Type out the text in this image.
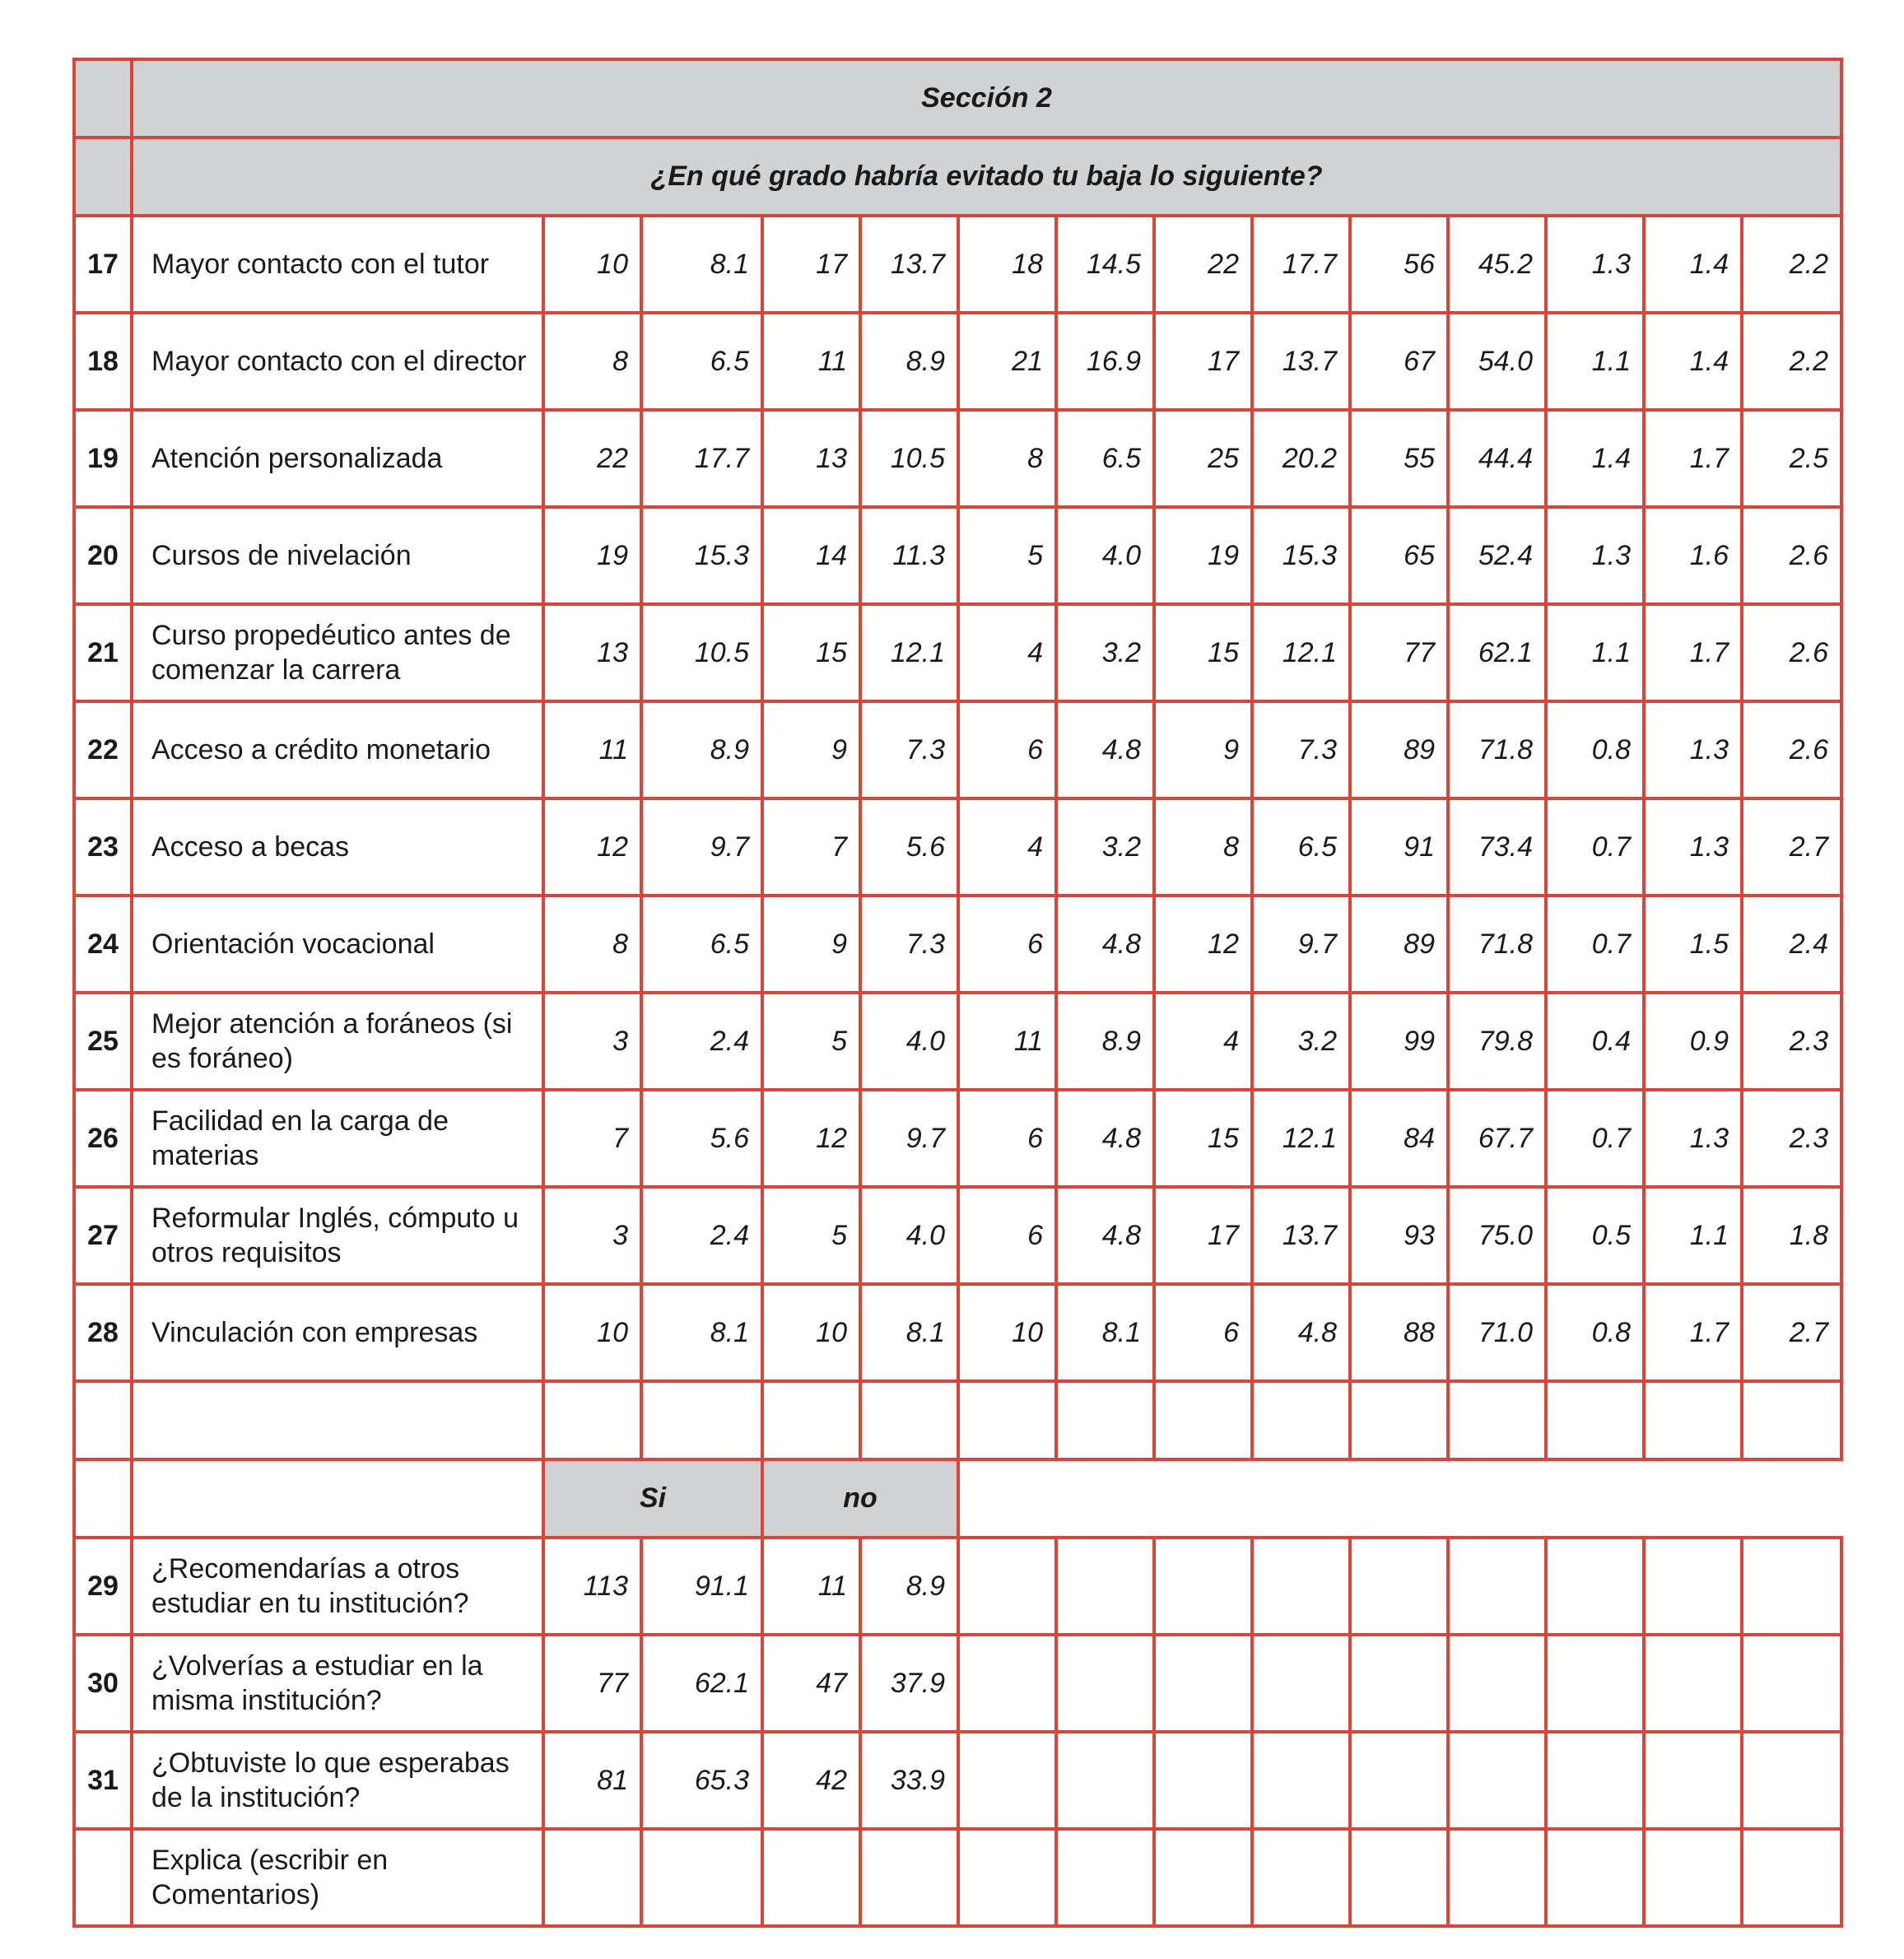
	Sección 2													
	¿En qué grado habría evitado tu baja lo siguiente?													
17	Mayor contacto con el tutor	10	8.1	17	13.7	18	14.5	22	17.7	56	45.2	1.3	1.4	2.2
18	Mayor contacto con el director	8	6.5	11	8.9	21	16.9	17	13.7	67	54.0	1.1	1.4	2.2
19	Atención personalizada	22	17.7	13	10.5	8	6.5	25	20.2	55	44.4	1.4	1.7	2.5
20	Cursos de nivelación	19	15.3	14	11.3	5	4.0	19	15.3	65	52.4	1.3	1.6	2.6
21	Curso propedéutico antes de comenzar la carrera	13	10.5	15	12.1	4	3.2	15	12.1	77	62.1	1.1	1.7	2.6
22	Acceso a crédito monetario	11	8.9	9	7.3	6	4.8	9	7.3	89	71.8	0.8	1.3	2.6
23	Acceso a becas	12	9.7	7	5.6	4	3.2	8	6.5	91	73.4	0.7	1.3	2.7
24	Orientación vocacional	8	6.5	9	7.3	6	4.8	12	9.7	89	71.8	0.7	1.5	2.4
25	Mejor atención a foráneos (si es foráneo)	3	2.4	5	4.0	11	8.9	4	3.2	99	79.8	0.4	0.9	2.3
26	Facilidad en la carga de materias	7	5.6	12	9.7	6	4.8	15	12.1	84	67.7	0.7	1.3	2.3
27	Reformular Inglés, cómputo u otros requisitos	3	2.4	5	4.0	6	4.8	17	13.7	93	75.0	0.5	1.1	1.8
28	Vinculación con empresas	10	8.1	10	8.1	10	8.1	6	4.8	88	71.0	0.8	1.7	2.7

		Si		no										
29	¿Recomendarías a otros estudiar en tu institución?	113	91.1	11	8.9									
30	¿Volverías a estudiar en la misma institución?	77	62.1	47	37.9									
31	¿Obtuviste lo que esperabas de la institución?	81	65.3	42	33.9									
	Explica (escribir en Comentarios)													
